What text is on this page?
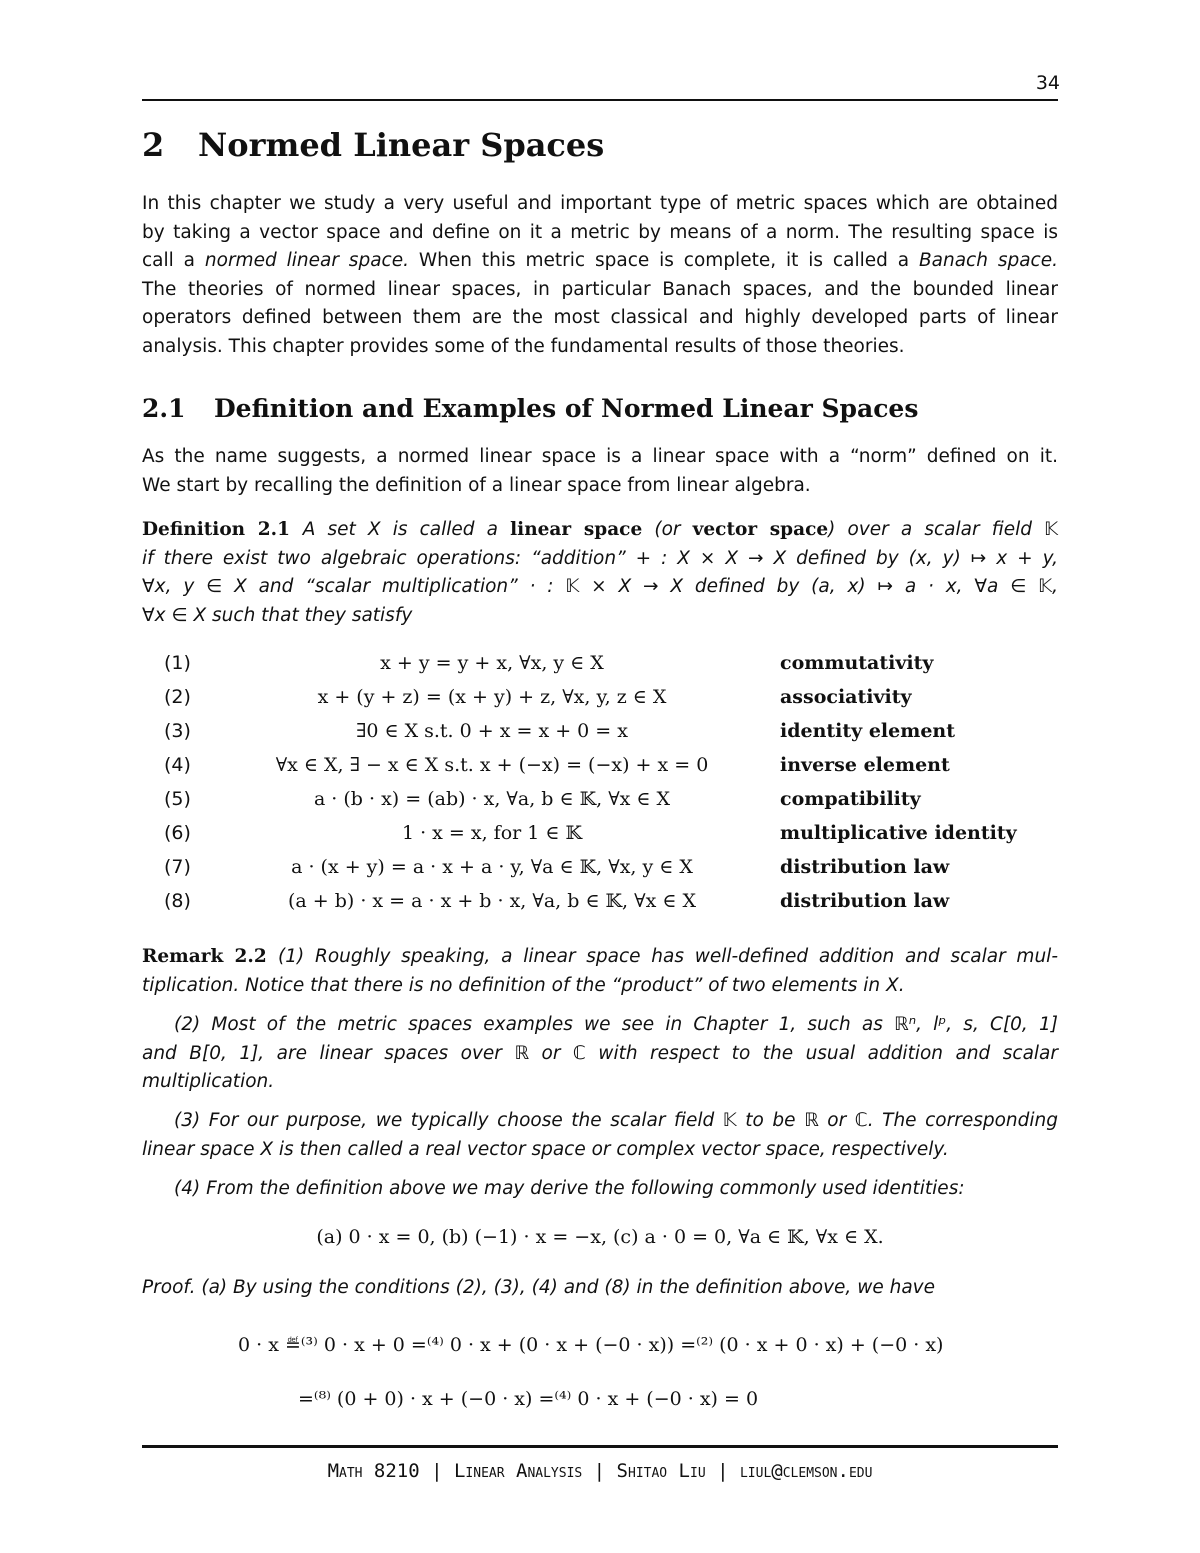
34
2 Normed Linear Spaces
In this chapter we study a very useful and important type of metric spaces which are obtained
by taking a vector space and define on it a metric by means of a norm. The resulting space is
call a normed linear space. When this metric space is complete, it is called a Banach space.
The theories of normed linear spaces, in particular Banach spaces, and the bounded linear
operators defined between them are the most classical and highly developed parts of linear
analysis. This chapter provides some of the fundamental results of those theories.
2.1 Definition and Examples of Normed Linear Spaces
As the name suggests, a normed linear space is a linear space with a “norm” defined on it.
We start by recalling the definition of a linear space from linear algebra.
Definition 2.1 A set X is called a linear space (or vector space) over a scalar field 𝕂
if there exist two algebraic operations: “addition” + : X × X → X defined by (x, y) ↦ x + y,
∀x, y ∈ X and “scalar multiplication” · : 𝕂 × X → X defined by (a, x) ↦ a · x, ∀a ∈ 𝕂,
∀x ∈ X such that they satisfy
(1)	x + y = y + x, ∀x, y ∈ X	commutativity
(2)	x + (y + z) = (x + y) + z, ∀x, y, z ∈ X	associativity
(3)	∃0 ∈ X s.t. 0 + x = x + 0 = x	identity element
(4)	∀x ∈ X, ∃ − x ∈ X s.t. x + (−x) = (−x) + x = 0	inverse element
(5)	a · (b · x) = (ab) · x, ∀a, b ∈ 𝕂, ∀x ∈ X	compatibility
(6)	1 · x = x, for 1 ∈ 𝕂	multiplicative identity
(7)	a · (x + y) = a · x + a · y, ∀a ∈ 𝕂, ∀x, y ∈ X	distribution law
(8)	(a + b) · x = a · x + b · x, ∀a, b ∈ 𝕂, ∀x ∈ X	distribution law
Remark 2.2 (1) Roughly speaking, a linear space has well-defined addition and scalar mul-
tiplication. Notice that there is no definition of the “product” of two elements in X.
(2) Most of the metric spaces examples we see in Chapter 1, such as ℝⁿ, lᵖ, s, C[0, 1]
and B[0, 1], are linear spaces over ℝ or ℂ with respect to the usual addition and scalar
multiplication.
(3) For our purpose, we typically choose the scalar field 𝕂 to be ℝ or ℂ. The corresponding
linear space X is then called a real vector space or complex vector space, respectively.
(4) From the definition above we may derive the following commonly used identities:
(a) 0 · x = 0, (b) (−1) · x = −x, (c) a · 0 = 0, ∀a ∈ 𝕂, ∀x ∈ X.
Proof. (a) By using the conditions (2), (3), (4) and (8) in the definition above, we have
0 · x ≝⁽³⁾ 0 · x + 0 =⁽⁴⁾ 0 · x + (0 · x + (−0 · x)) =⁽²⁾ (0 · x + 0 · x) + (−0 · x)
=⁽⁸⁾ (0 + 0) · x + (−0 · x) =⁽⁴⁾ 0 · x + (−0 · x) = 0
Math 8210 | Linear Analysis | Shitao Liu | liul@clemson.edu
